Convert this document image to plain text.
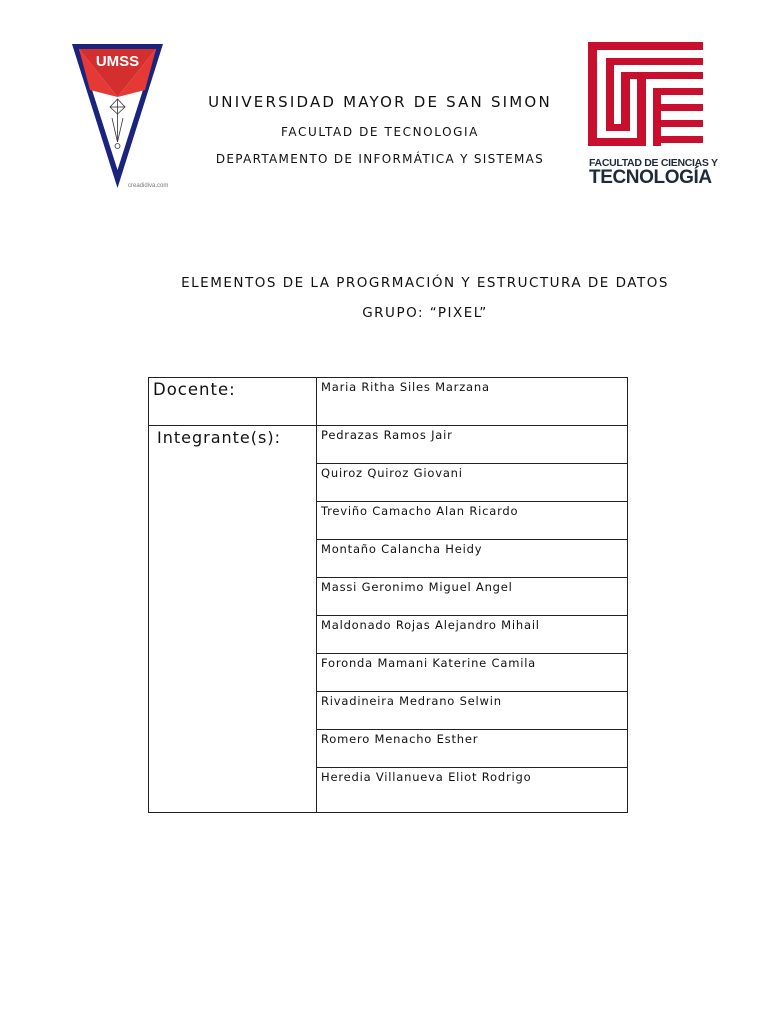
UMSS
creadidiva.com
FACULTAD DE CIENCIAS Y
TECNOLOGÍA
UNIVERSIDAD MAYOR DE SAN SIMON
FACULTAD DE TECNOLOGIA
DEPARTAMENTO DE INFORMÁTICA Y SISTEMAS
ELEMENTOS DE LA PROGRMACIÓN Y ESTRUCTURA DE DATOS
GRUPO: “PIXEL”
Docente:	Maria Ritha Siles Marzana

Integrante(s):	Pedrazas Ramos Jair
	Quiroz Quiroz Giovani
	Treviño Camacho Alan Ricardo
	Montaño Calancha Heidy
	Massi Geronimo Miguel Angel
	Maldonado Rojas Alejandro Mihail
	Foronda Mamani Katerine Camila
	Rivadineira Medrano Selwin
	Romero Menacho Esther
	Heredia Villanueva Eliot Rodrigo
